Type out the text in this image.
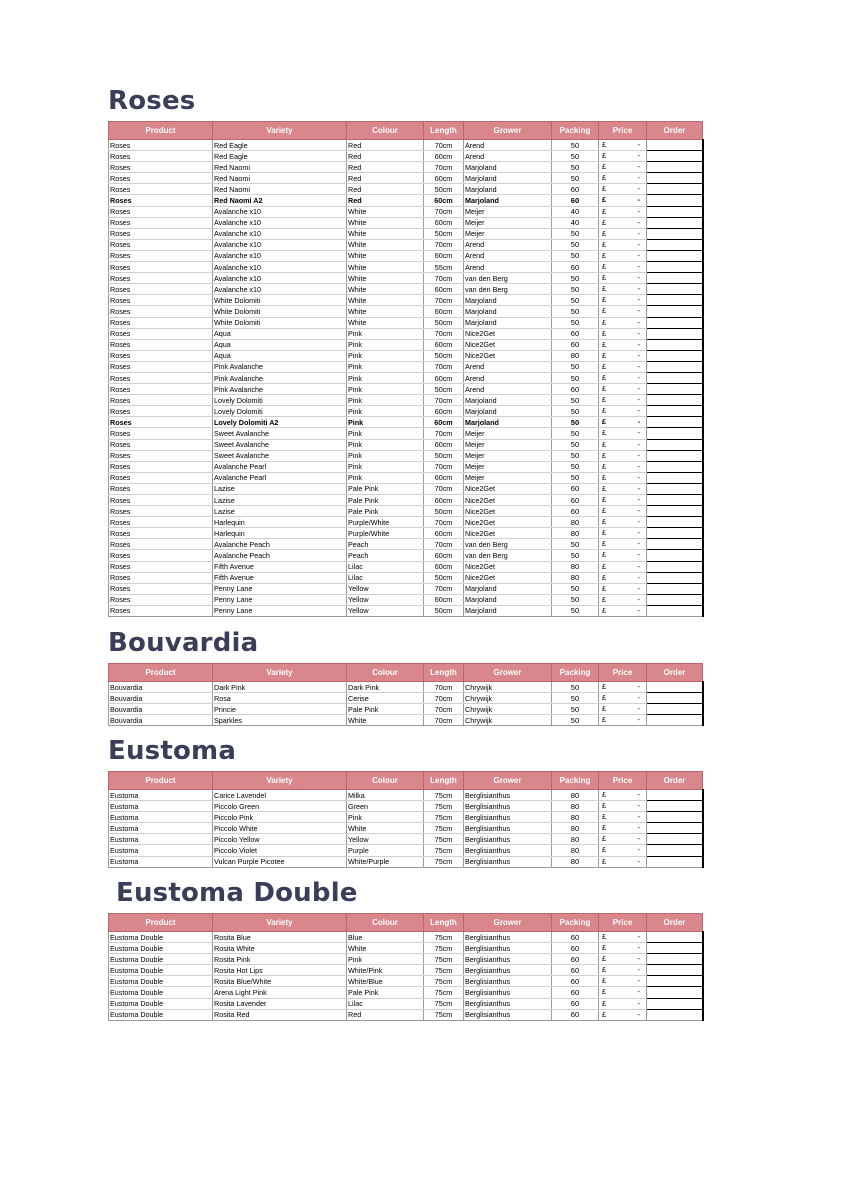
Roses
Product	Variety	Colour	Length	Grower	Packing	Price	Order
Roses	Red Eagle	Red	70cm	Arend	50	£ -	

Roses	Red Eagle	Red	60cm	Arend	50	£ -	

Roses	Red Naomi	Red	70cm	Marjoland	50	£ -	

Roses	Red Naomi	Red	60cm	Marjoland	50	£ -	

Roses	Red Naomi	Red	50cm	Marjoland	60	£ -	

Roses	Red Naomi A2	Red	60cm	Marjoland	60	£ -	

Roses	Avalanche x10	White	70cm	Meijer	40	£ -	

Roses	Avalanche x10	White	60cm	Meijer	40	£ -	

Roses	Avalanche x10	White	50cm	Meijer	50	£ -	

Roses	Avalanche x10	White	70cm	Arend	50	£ -	

Roses	Avalanche x10	White	60cm	Arend	50	£ -	

Roses	Avalanche x10	White	55cm	Arend	60	£ -	

Roses	Avalanche x10	White	70cm	van den Berg	50	£ -	

Roses	Avalanche x10	White	60cm	van den Berg	50	£ -	

Roses	White Dolomiti	White	70cm	Marjoland	50	£ -	

Roses	White Dolomiti	White	60cm	Marjoland	50	£ -	

Roses	White Dolomiti	White	50cm	Marjoland	50	£ -	

Roses	Aqua	Pink	70cm	Nice2Get	60	£ -	

Roses	Aqua	Pink	60cm	Nice2Get	60	£ -	

Roses	Aqua	Pink	50cm	Nice2Get	80	£ -	

Roses	Pink Avalanche	Pink	70cm	Arend	50	£ -	

Roses	Pink Avalanche	Pink	60cm	Arend	50	£ -	

Roses	Pink Avalanche	Pink	50cm	Arend	60	£ -	

Roses	Lovely Dolomiti	Pink	70cm	Marjoland	50	£ -	

Roses	Lovely Dolomiti	Pink	60cm	Marjoland	50	£ -	

Roses	Lovely Dolomiti A2	Pink	60cm	Marjoland	50	£ -	

Roses	Sweet Avalanche	Pink	70cm	Meijer	50	£ -	

Roses	Sweet Avalanche	Pink	60cm	Meijer	50	£ -	

Roses	Sweet Avalanche	Pink	50cm	Meijer	50	£ -	

Roses	Avalanche Pearl	Pink	70cm	Meijer	50	£ -	

Roses	Avalanche Pearl	Pink	60cm	Meijer	50	£ -	

Roses	Lazise	Pale Pink	70cm	Nice2Get	60	£ -	

Roses	Lazise	Pale Pink	60cm	Nice2Get	60	£ -	

Roses	Lazise	Pale Pink	50cm	Nice2Get	60	£ -	

Roses	Harlequin	Purple/White	70cm	Nice2Get	80	£ -	

Roses	Harlequin	Purple/White	60cm	Nice2Get	80	£ -	

Roses	Avalanche Peach	Peach	70cm	van den Berg	50	£ -	

Roses	Avalanche Peach	Peach	60cm	van den Berg	50	£ -	

Roses	Fifth Avenue	Lilac	60cm	Nice2Get	80	£ -	

Roses	Fifth Avenue	Lilac	50cm	Nice2Get	80	£ -	

Roses	Penny Lane	Yellow	70cm	Marjoland	50	£ -	

Roses	Penny Lane	Yellow	60cm	Marjoland	50	£ -	

Roses	Penny Lane	Yellow	50cm	Marjoland	50	£ -	

Bouvardia
Product	Variety	Colour	Length	Grower	Packing	Price	Order
Bouvardia	Dark Pink	Dark Pink	70cm	Chrywijk	50	£ -	

Bouvardia	Rosa	Cerise	70cm	Chrywijk	50	£ -	

Bouvardia	Princie	Pale Pink	70cm	Chrywijk	50	£ -	

Bouvardia	Sparkles	White	70cm	Chrywijk	50	£ -	

Eustoma
Product	Variety	Colour	Length	Grower	Packing	Price	Order
Eustoma	Carice Lavendel	Milka	75cm	Berglisianthus	80	£ -	

Eustoma	Piccolo Green	Green	75cm	Berglisianthus	80	£ -	

Eustoma	Piccolo Pink	Pink	75cm	Berglisianthus	80	£ -	

Eustoma	Piccolo White	White	75cm	Berglisianthus	80	£ -	

Eustoma	Piccolo Yellow	Yellow	75cm	Berglisianthus	80	£ -	

Eustoma	Piccolo Violet	Purple	75cm	Berglisianthus	80	£ -	

Eustoma	Vulcan Purple Picotee	White/Purple	75cm	Berglisianthus	80	£ -	

Eustoma Double
Product	Variety	Colour	Length	Grower	Packing	Price	Order
Eustoma Double	Rosita Blue	Blue	75cm	Berglisianthus	60	£ -	

Eustoma Double	Rosita White	White	75cm	Berglisianthus	60	£ -	

Eustoma Double	Rosita Pink	Pink	75cm	Berglisianthus	60	£ -	

Eustoma Double	Rosita Hot Lips	White/Pink	75cm	Berglisianthus	60	£ -	

Eustoma Double	Rosita Blue/White	White/Blue	75cm	Berglisianthus	60	£ -	

Eustoma Double	Arena Light Pink	Pale Pink	75cm	Berglisianthus	60	£ -	

Eustoma Double	Rosita Lavender	Lilac	75cm	Berglisianthus	60	£ -	

Eustoma Double	Rosita Red	Red	75cm	Berglisianthus	60	£ -	
